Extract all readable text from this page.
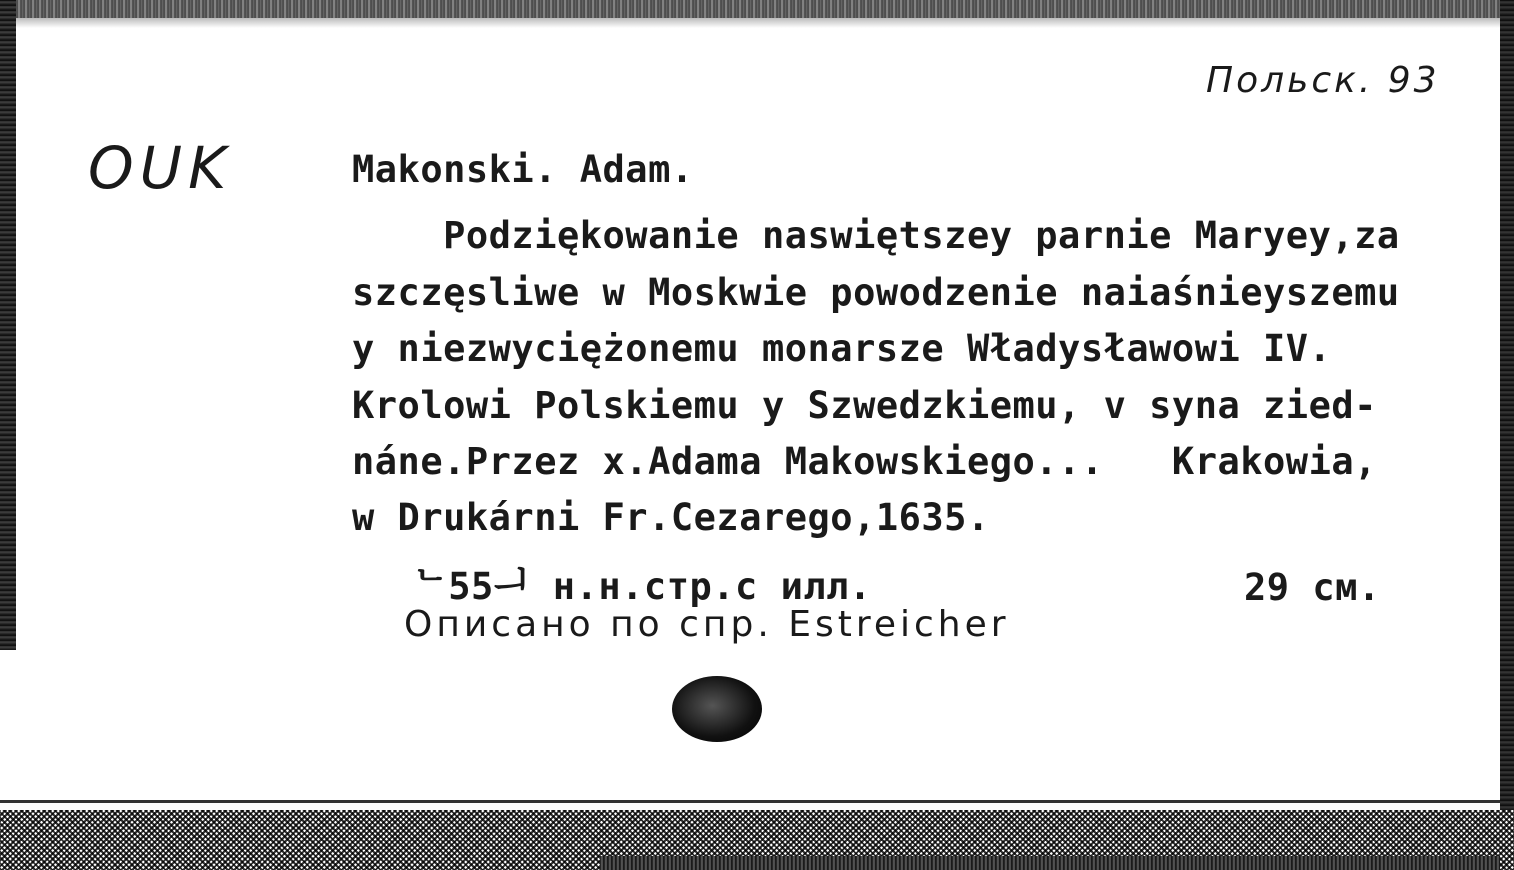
OUK
Польск. 93
Makonski. Adam.
Podziękowanie naswiętszey parnie Maryey,za
szczęsliwe w Moskwie powodzenie naiaśnieyszemu
y niezwyciężonemu monarsze Władysławowi IV.
Krolowi Polskiemu y Szwedzkiemu, v syna zied-
náne.Przez x.Adama Makowskiego...   Krakowia,
w Drukárni Fr.Cezarego,1635.
ᄂ55ᅴ н.н.стр.с илл.	29 см.
Описано по спр. Estreicher
